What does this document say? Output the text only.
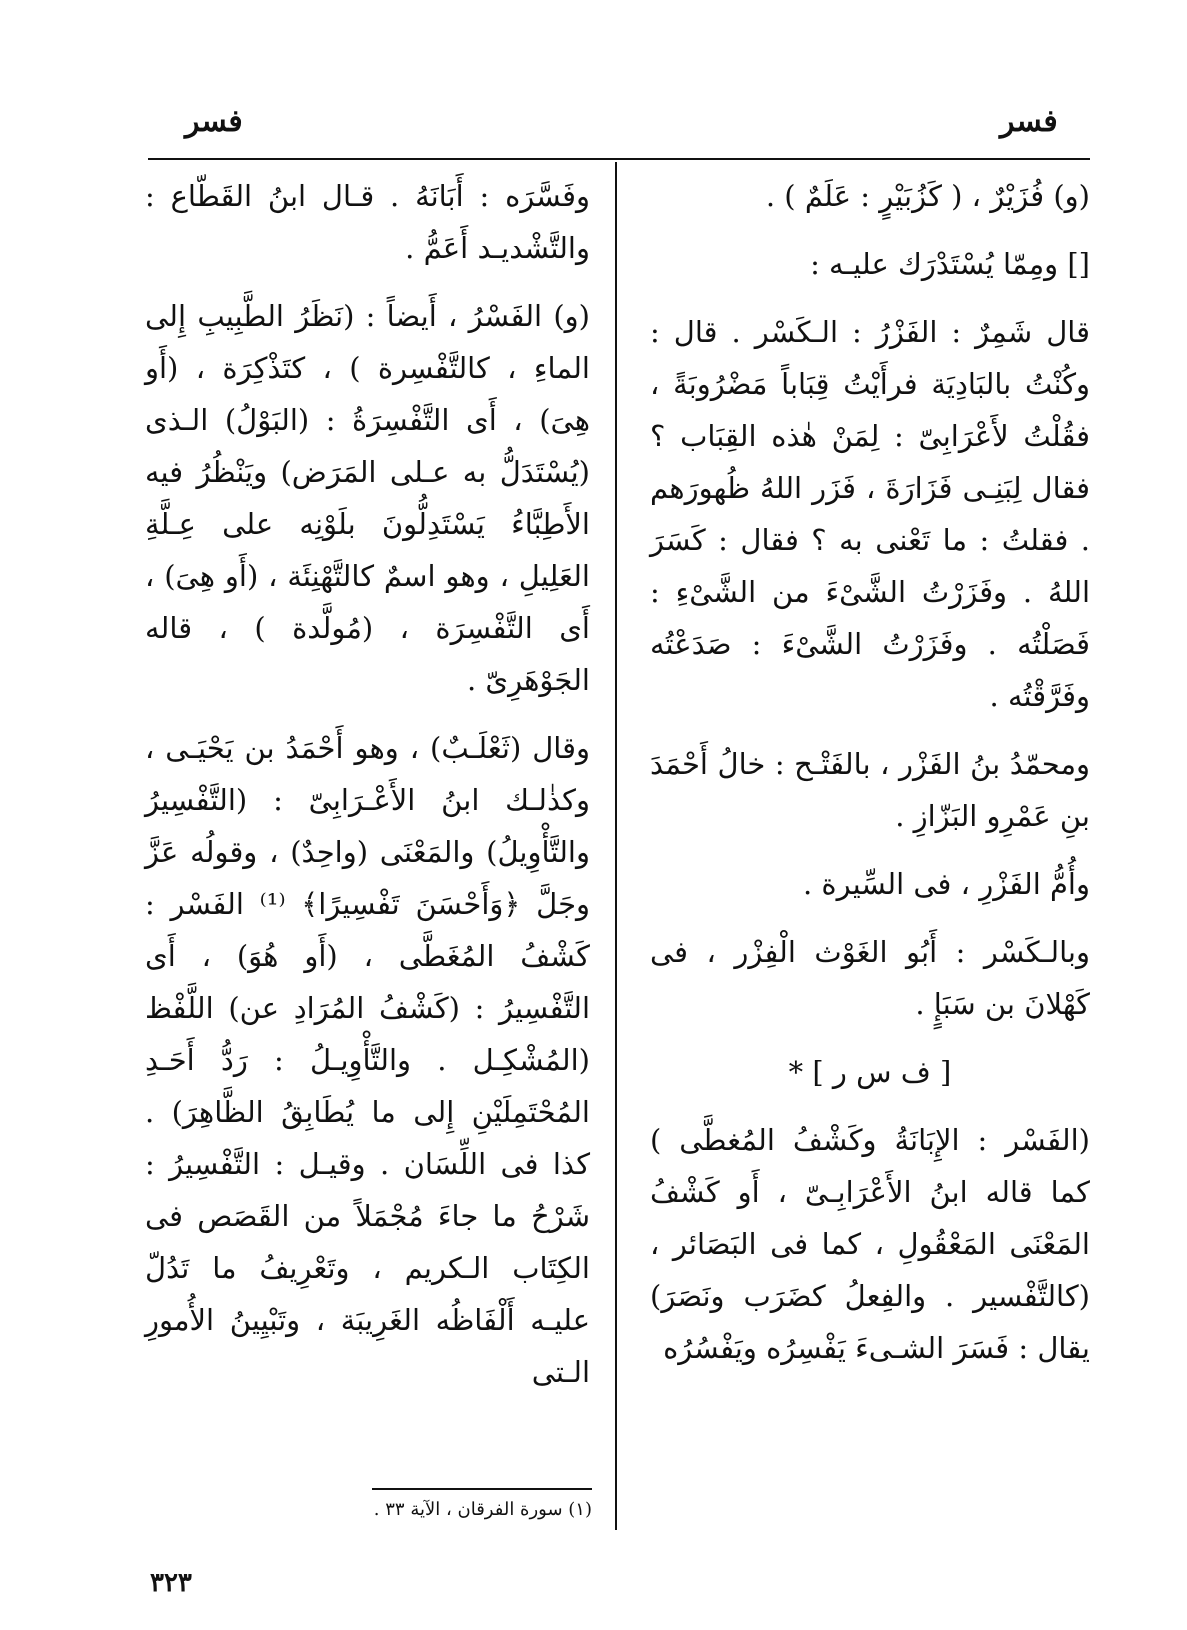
فسر	فسر

(و) فُزَيْرٌ ، ( كَزُبَيْرٍ : عَلَمٌ ) .

[] ومِمّا يُسْتَدْرَك عليـه :

قال شَمِرٌ : الفَزْرُ : الـكَسْر . قال : وكُنْتُ بالبَادِيَة فرأَيْتُ قِبَاباً مَضْرُوبَةً ، فقُلْتُ لأَعْرَابِىّ : لِمَنْ هٰذه القِبَاب ؟ فقال لِبَنِـى فَزَارَةَ ، فَزَر اللهُ ظُهورَهم . فقلتُ : ما تَعْنى به ؟ فقال : كَسَرَ اللهُ . وفَزَرْتُ الشَّىْءَ من الشَّىْءِ : فَصَلْتُه . وفَزَرْتُ الشَّىْءَ : صَدَعْتُه وفَرَّقْتُه .

ومحمّدُ بنُ الفَزْر ، بالفَتْـح : خالُ أَحْمَدَ بنِ عَمْرِو البَزّازِ .

وأُمُّ الفَزْرِ ، فى السِّيرة .

وبالـكَسْر : أَبُو الغَوْث الْفِزْر ، فى كَهْلانَ بن سَبَإٍ .

[ ف س ر ] *

(الفَسْر : الإِبَانَةُ وكَشْفُ المُغطَّى ) كما قاله ابنُ الأَعْرَابِـىّ ، أَو كَشْفُ المَعْنَى المَعْقُولِ ، كما فى البَصَائر ، (كالتَّفْسير . والفِعلُ كضَرَب ونَصَرَ) يقال : فَسَرَ الشـىءَ يَفْسِرُه ويَفْسُرُه

وفَسَّرَه : أَبَانَهُ . قـال ابنُ القَطّاع : والتَّشْديـد أَعَمُّ .

(و) الفَسْرُ ، أَيضاً : (نَظَرُ الطَّبِيبِ إِلى الماءِ ، كالتَّفْسِرة ) ، كتَذْكِرَة ، (أَو هِىَ) ، أَى التَّفْسِرَةُ : (البَوْلُ) الـذى (يُسْتَدَلُّ به عـلى المَرَض) ويَنْظُرُ فيه الأَطِبَّاءُ يَسْتَدِلُّونَ بلَوْنِه على عِـلَّةِ العَلِيلِ ، وهو اسمٌ كالتَّهْنِئَة ، (أَو هِىَ) ، أَى التَّفْسِرَة ، (مُولَّدة ) ، قاله الجَوْهَرِىّ .

وقال (ثَعْلَـبٌ) ، وهو أَحْمَدُ بن يَحْيَـى ، وكذٰلـك ابنُ الأَعْـرَابِىّ : (التَّفْسِيرُ والتَّأْوِيلُ) والمَعْنَى (واحِدٌ) ، وقولُه عَزَّ وجَلَّ ﴿وَأَحْسَنَ تَفْسِيرًا﴾ ⁽¹⁾ الفَسْر : كَشْفُ المُغَطَّى ، (أَو هُوَ) ، أَى التَّفْسِيرُ : (كَشْفُ المُرَادِ عن) اللَّفْظ (المُشْكِـل . والتَّأْوِيـلُ : رَدُّ أَحَـدِ المُحْتَمِلَيْنِ إِلى ما يُطَابِقُ الظَّاهِرَ) . كذا فى اللِّسَان . وقيـل : التَّفْسِيرُ : شَرْحُ ما جاءَ مُجْمَلاً من القَصَص فى الكِتَاب الـكريم ، وتَعْرِيفُ ما تَدُلّ عليـه أَلْفَاظُه الغَرِيبَة ، وتَبْيِينُ الأُمورِ الـتى

(١) سورة الفرقان ، الآية ٣٣ .
٣٢٣
